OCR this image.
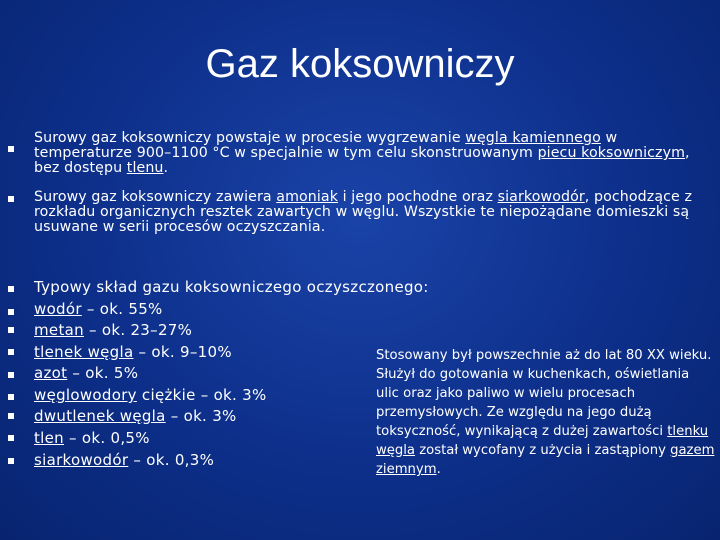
Gaz koksowniczy
Surowy gaz koksowniczy powstaje w procesie wygrzewanie węgla kamiennego w temperaturze 900–1100 °C w specjalnie w tym celu skonstruowanym piecu koksowniczym, bez dostępu tlenu.
Surowy gaz koksowniczy zawiera amoniak i jego pochodne oraz siarkowodór, pochodzące z rozkładu organicznych resztek zawartych w węglu. Wszystkie te niepożądane domieszki są usuwane w serii procesów oczyszczania.
Typowy skład gazu koksowniczego oczyszczonego:
wodór – ok. 55%
metan – ok. 23–27%
tlenek węgla – ok. 9–10%
azot – ok. 5%
węglowodory ciężkie – ok. 3%
dwutlenek węgla – ok. 3%
tlen – ok. 0,5%
siarkowodór – ok. 0,3%
Stosowany był powszechnie aż do lat 80 XX wieku. Służył do gotowania w kuchenkach, oświetlania ulic oraz jako paliwo w wielu procesach przemysłowych. Ze względu na jego dużą toksyczność, wynikającą z dużej zawartości tlenku węgla został wycofany z użycia i zastąpiony gazem ziemnym.
